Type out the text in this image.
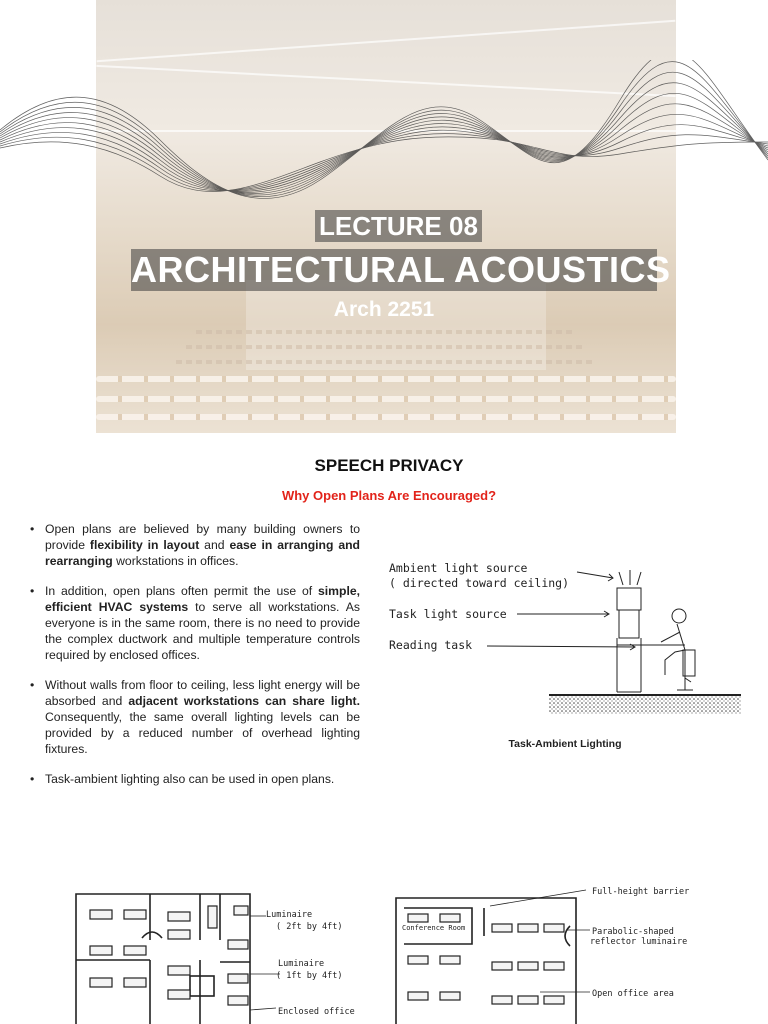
LECTURE 08
ARCHITECTURAL ACOUSTICS
Arch 2251
SPEECH PRIVACY
Why Open Plans Are Encouraged?
• Open plans are believed by many building owners to provide flexibility in layout and ease in arranging and rearranging workstations in offices.
• In addition, open plans often permit the use of simple, efficient HVAC systems to serve all workstations. As everyone is in the same room, there is no need to provide the complex ductwork and multiple temperature controls required by enclosed offices.
• Without walls from floor to ceiling, less light energy will be absorbed and adjacent workstations can share light. Consequently, the same overall lighting levels can be provided by a reduced number of overhead lighting fixtures.
• Task-ambient lighting also can be used in open plans.
Ambient light source
( directed toward ceiling)
Task light source
Reading task
Task-Ambient Lighting
Luminaire
( 2ft by 4ft)
Luminaire
( 1ft by 4ft)
Enclosed office
Full-height barrier
Conference Room	Parabolic-shaped
reflector luminaire
Open office area
